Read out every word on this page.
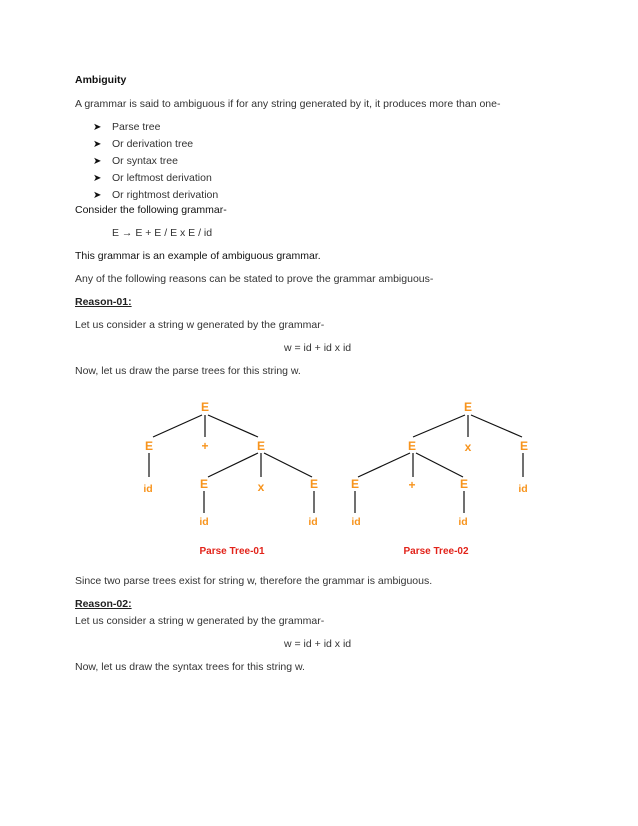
Ambiguity
A grammar is said to ambiguous if for any string generated by it, it produces more than one-
➤	Parse tree
➤	Or derivation tree
➤	Or syntax tree
➤	Or leftmost derivation
➤	Or rightmost derivation
Consider the following grammar-
E → E + E / E x E / id
This grammar is an example of ambiguous grammar.
Any of the following reasons can be stated to prove the grammar ambiguous-
Reason-01:
Let us consider a string w generated by the grammar-
w = id + id x id
Now, let us draw the parse trees for this string w.
E
E	+	E
id	E	x	E
id	id
Parse Tree-01
E
E	x	E
E	+	E	id
id	id
Parse Tree-02
Since two parse trees exist for string w, therefore the grammar is ambiguous.
Reason-02:
Let us consider a string w generated by the grammar-
w = id + id x id
Now, let us draw the syntax trees for this string w.
